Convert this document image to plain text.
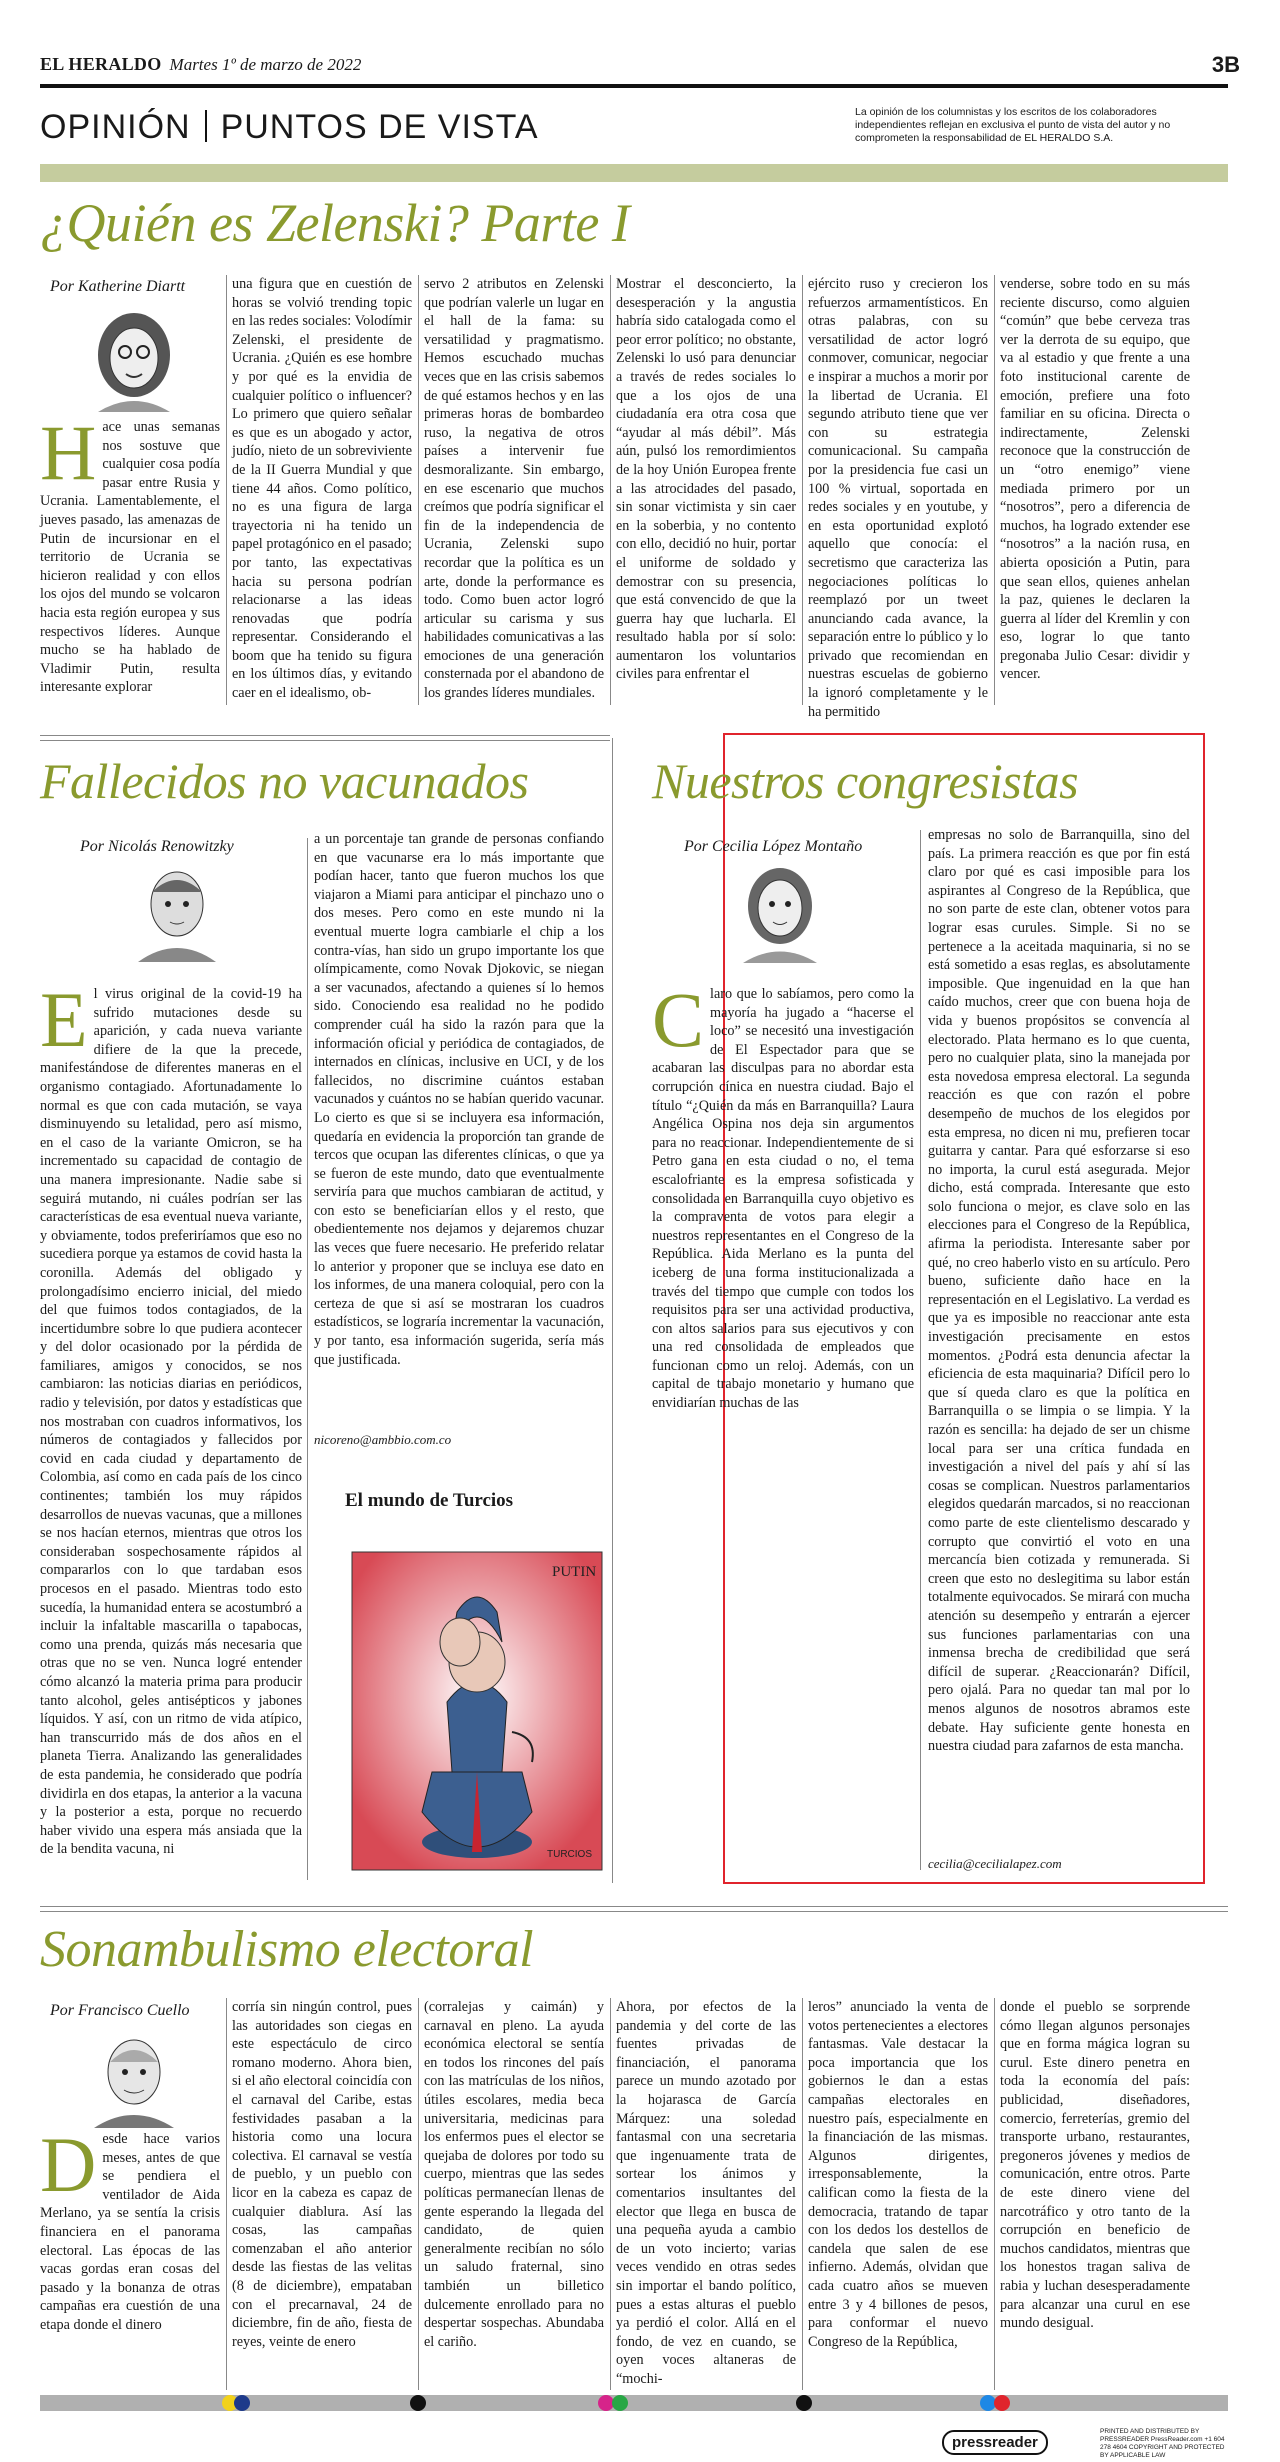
EL HERALDO Martes 1º de marzo de 2022	3B
OPINIÓN PUNTOS DE VISTA	La opinión de los columnistas y los escritos de los colaboradores independientes reflejan en exclusiva el punto de vista del autor y no comprometen la responsabilidad de EL HERALDO S.A.
¿Quién es Zelenski? Parte I
Por Katherine Diartt
H ace unas semanas nos sostuve que cualquier cosa podía pasar entre Rusia y Ucrania. Lamentablemente, el jueves pasado, las amenazas de Putin de incursionar en el territorio de Ucrania se hicieron realidad y con ellos los ojos del mundo se volcaron hacia esta región europea y sus respectivos líderes. Aunque mucho se ha hablado de Vladimir Putin, resulta interesante explorar

una figura que en cuestión de horas se volvió trending topic en las redes sociales: Volodímir Zelenski, el presidente de Ucrania. ¿Quién es ese hombre y por qué es la envidia de cualquier político o influencer? Lo primero que quiero señalar es que es un abogado y actor, judío, nieto de un sobreviviente de la II Guerra Mundial y que tiene 44 años. Como político, no es una figura de larga trayectoria ni ha tenido un papel protagónico en el pasado; por tanto, las expectativas hacia su persona podrían relacionarse a las ideas renovadas que podría representar. Considerando el boom que ha tenido su figura en los últimos días, y evitando caer en el idealismo, ob-
servo 2 atributos en Zelenski que podrían valerle un lugar en el hall de la fama: su versatilidad y pragmatismo. Hemos escuchado muchas veces que en las crisis sabemos de qué estamos hechos y en las primeras horas de bombardeo ruso, la negativa de otros países a intervenir fue desmoralizante. Sin embargo, en ese escenario que muchos creímos que podría significar el fin de la independencia de Ucrania, Zelenski supo recordar que la política es un arte, donde la performance es todo. Como buen actor logró articular su carisma y sus habilidades comunicativas a las emociones de una generación consternada por el abandono de los grandes líderes mundiales.
Mostrar el desconcierto, la desesperación y la angustia habría sido catalogada como el peor error político; no obstante, Zelenski lo usó para denunciar a través de redes sociales lo que a los ojos de una ciudadanía era otra cosa que “ayudar al más débil”. Más aún, pulsó los remordimientos de la hoy Unión Europea frente a las atrocidades del pasado, sin sonar victimista y sin caer en la soberbia, y no contento con ello, decidió no huir, portar el uniforme de soldado y demostrar con su presencia, que está convencido de que la guerra hay que lucharla. El resultado habla por sí solo: aumentaron los voluntarios civiles para enfrentar el
ejército ruso y crecieron los refuerzos armamentísticos. En otras palabras, con su versatilidad de actor logró conmover, comunicar, negociar e inspirar a muchos a morir por la libertad de Ucrania. El segundo atributo tiene que ver con su estrategia comunicacional. Su campaña por la presidencia fue casi un 100 % virtual, soportada en redes sociales y en youtube, y en esta oportunidad explotó aquello que conocía: el secretismo que caracteriza las negociaciones políticas lo reemplazó por un tweet anunciando cada avance, la separación entre lo público y lo privado que recomiendan en nuestras escuelas de gobierno la ignoró completamente y le ha permitido
venderse, sobre todo en su más reciente discurso, como alguien “común” que bebe cerveza tras ver la derrota de su equipo, que va al estadio y que frente a una foto institucional carente de emoción, prefiere una foto familiar en su oficina. Directa o indirectamente, Zelenski reconoce que la construcción de un “otro enemigo” viene mediada primero por un “nosotros”, pero a diferencia de muchos, ha logrado extender ese “nosotros” a la nación rusa, en abierta oposición a Putin, para que sean ellos, quienes anhelan la paz, quienes le declaren la guerra al líder del Kremlin y con eso, lograr lo que tanto pregonaba Julio Cesar: dividir y vencer.
Fallecidos no vacunados
Por Nicolás Renowitzky
E l virus original de la covid-19 ha sufrido mutaciones desde su aparición, y cada nueva variante difiere de la que la precede, manifestándose de diferentes maneras en el organismo contagiado. Afortunadamente lo normal es que con cada mutación, se vaya disminuyendo su letalidad, pero así mismo, en el caso de la variante Omicron, se ha incrementado su capacidad de contagio de una manera impresionante. Nadie sabe si seguirá mutando, ni cuáles podrían ser las características de esa eventual nueva variante, y obviamente, todos preferiríamos que eso no sucediera porque ya estamos de covid hasta la coronilla. Además del obligado y prolongadísimo encierro inicial, del miedo del que fuimos todos contagiados, de la incertidumbre sobre lo que pudiera acontecer y del dolor ocasionado por la pérdida de familiares, amigos y conocidos, se nos cambiaron: las noticias diarias en periódicos, radio y televisión, por datos y estadísticas que nos mostraban con cuadros informativos, los números de contagiados y fallecidos por covid en cada ciudad y departamento de Colombia, así como en cada país de los cinco continentes; también los muy rápidos desarrollos de nuevas vacunas, que a millones se nos hacían eternos, mientras que otros los consideraban sospechosamente rápidos al compararlos con lo que tardaban esos procesos en el pasado. Mientras todo esto sucedía, la humanidad entera se acostumbró a incluir la infaltable mascarilla o tapabocas, como una prenda, quizás más necesaria que otras que no se ven. Nunca logré entender cómo alcanzó la materia prima para producir tanto alcohol, geles antisépticos y jabones líquidos. Y así, con un ritmo de vida atípico, han transcurrido más de dos años en el planeta Tierra. Analizando las generalidades de esta pandemia, he considerado que podría dividirla en dos etapas, la anterior a la vacuna y la posterior a esta, porque no recuerdo haber vivido una espera más ansiada que la de la bendita vacuna, ni

a un porcentaje tan grande de personas confiando en que vacunarse era lo más importante que podían hacer, tanto que fueron muchos los que viajaron a Miami para anticipar el pinchazo uno o dos meses. Pero como en este mundo ni la eventual muerte logra cambiarle el chip a los contra-vías, han sido un grupo importante los que olímpicamente, como Novak Djokovic, se niegan a ser vacunados, afectando a quienes sí lo hemos sido. Conociendo esa realidad no he podido comprender cuál ha sido la razón para que la información oficial y periódica de contagiados, de internados en clínicas, inclusive en UCI, y de los fallecidos, no discrimine cuántos estaban vacunados y cuántos no se habían querido vacunar. Lo cierto es que si se incluyera esa información, quedaría en evidencia la proporción tan grande de tercos que ocupan las diferentes clínicas, o que ya se fueron de este mundo, dato que eventualmente serviría para que muchos cambiaran de actitud, y con esto se beneficiarían ellos y el resto, que obedientemente nos dejamos y dejaremos chuzar las veces que fuere necesario. He preferido relatar lo anterior y proponer que se incluya ese dato en los informes, de una manera coloquial, pero con la certeza de que si así se mostraran los cuadros estadísticos, se lograría incrementar la vacunación, y por tanto, esa información sugerida, sería más que justificada.
nicoreno@ambbio.com.co
El mundo de Turcios
PUTIN
TURCIOS
Nuestros congresistas
Por Cecilia López Montaño
C laro que lo sabíamos, pero como la mayoría ha jugado a “hacerse el loco” se necesitó una investigación de El Espectador para que se acabaran las disculpas para no abordar esta corrupción cínica en nuestra ciudad. Bajo el título “¿Quién da más en Barranquilla? Laura Angélica Ospina nos deja sin argumentos para no reaccionar. Independientemente de si Petro gana en esta ciudad o no, el tema escalofriante es la empresa sofisticada y consolidada en Barranquilla cuyo objetivo es la compraventa de votos para elegir a nuestros representantes en el Congreso de la República. Aida Merlano es la punta del iceberg de una forma institucionalizada a través del tiempo que cumple con todos los requisitos para ser una actividad productiva, con altos salarios para sus ejecutivos y con una red consolidada de empleados que funcionan como un reloj. Además, con un capital de trabajo monetario y humano que envidiarían muchas de las

empresas no solo de Barranquilla, sino del país. La primera reacción es que por fin está claro por qué es casi imposible para los aspirantes al Congreso de la República, que no son parte de este clan, obtener votos para lograr esas curules. Simple. Si no se pertenece a la aceitada maquinaria, si no se está sometido a esas reglas, es absolutamente imposible. Que ingenuidad en la que han caído muchos, creer que con buena hoja de vida y buenos propósitos se convencía al electorado. Plata hermano es lo que cuenta, pero no cualquier plata, sino la manejada por esta novedosa empresa electoral. La segunda reacción es que con razón el pobre desempeño de muchos de los elegidos por esta empresa, no dicen ni mu, prefieren tocar guitarra y cantar. Para qué esforzarse si eso no importa, la curul está asegurada. Mejor dicho, está comprada. Interesante que esto solo funciona o mejor, es clave solo en las elecciones para el Congreso de la República, afirma la periodista. Interesante saber por qué, no creo haberlo visto en su artículo. Pero bueno, suficiente daño hace en la representación en el Legislativo. La verdad es que ya es imposible no reaccionar ante esta investigación precisamente en estos momentos. ¿Podrá esta denuncia afectar la eficiencia de esta maquinaria? Difícil pero lo que sí queda claro es que la política en Barranquilla o se limpia o se limpia. Y la razón es sencilla: ha dejado de ser un chisme local para ser una crítica fundada en investigación a nivel del país y ahí sí las cosas se complican. Nuestros parlamentarios elegidos quedarán marcados, si no reaccionan como parte de este clientelismo descarado y corrupto que convirtió el voto en una mercancía bien cotizada y remunerada. Si creen que esto no deslegitima su labor están totalmente equivocados. Se mirará con mucha atención su desempeño y entrarán a ejercer sus funciones parlamentarias con una inmensa brecha de credibilidad que será difícil de superar. ¿Reaccionarán? Difícil, pero ojalá. Para no quedar tan mal por lo menos algunos de nosotros abramos este debate. Hay suficiente gente honesta en nuestra ciudad para zafarnos de esta mancha.
cecilia@cecilialapez.com
Sonambulismo electoral
Por Francisco Cuello
D esde hace varios meses, antes de que se pendiera el ventilador de Aida Merlano, ya se sentía la crisis financiera en el panorama electoral. Las épocas de las vacas gordas eran cosas del pasado y la bonanza de otras campañas era cuestión de una etapa donde el dinero

corría sin ningún control, pues las autoridades son ciegas en este espectáculo de circo romano moderno. Ahora bien, si el año electoral coincidía con el carnaval del Caribe, estas festividades pasaban a la historia como una locura colectiva. El carnaval se vestía de pueblo, y un pueblo con licor en la cabeza es capaz de cualquier diablura. Así las cosas, las campañas comenzaban el año anterior desde las fiestas de las velitas (8 de diciembre), empataban con el precarnaval, 24 de diciembre, fin de año, fiesta de reyes, veinte de enero
(corralejas y caimán) y carnaval en pleno. La ayuda económica electoral se sentía en todos los rincones del país con las matrículas de los niños, útiles escolares, media beca universitaria, medicinas para los enfermos pues el elector se quejaba de dolores por todo su cuerpo, mientras que las sedes políticas permanecían llenas de gente esperando la llegada del candidato, de quien generalmente recibían no sólo un saludo fraternal, sino también un billetico dulcemente enrollado para no despertar sospechas. Abundaba el cariño.
Ahora, por efectos de la pandemia y del corte de las fuentes privadas de financiación, el panorama parece un mundo azotado por la hojarasca de García Márquez: una soledad fantasmal con una secretaria que ingenuamente trata de sortear los ánimos y comentarios insultantes del elector que llega en busca de una pequeña ayuda a cambio de un voto incierto; varias veces vendido en otras sedes sin importar el bando político, pues a estas alturas el pueblo ya perdió el color. Allá en el fondo, de vez en cuando, se oyen voces altaneras de “mochi-
leros” anunciado la venta de votos pertenecientes a electores fantasmas. Vale destacar la poca importancia que los gobiernos le dan a estas campañas electorales en nuestro país, especialmente en la financiación de las mismas. Algunos dirigentes, irresponsablemente, la califican como la fiesta de la democracia, tratando de tapar con los dedos los destellos de candela que salen de ese infierno. Además, olvidan que cada cuatro años se mueven entre 3 y 4 billones de pesos, para conformar el nuevo Congreso de la República,
donde el pueblo se sorprende cómo llegan algunos personajes que en forma mágica logran su curul. Este dinero penetra en toda la economía del país: publicidad, diseñadores, comercio, ferreterías, gremio del transporte urbano, restaurantes, pregoneros jóvenes y medios de comunicación, entre otros. Parte de este dinero viene del narcotráfico y otro tanto de la corrupción en beneficio de muchos candidatos, mientras que los honestos tragan saliva de rabia y luchan desesperadamente para alcanzar una curul en ese mundo desigual.
pressreader
PRINTED AND DISTRIBUTED BY PRESSREADER PressReader.com +1 604 278 4604 COPYRIGHT AND PROTECTED BY APPLICABLE LAW
